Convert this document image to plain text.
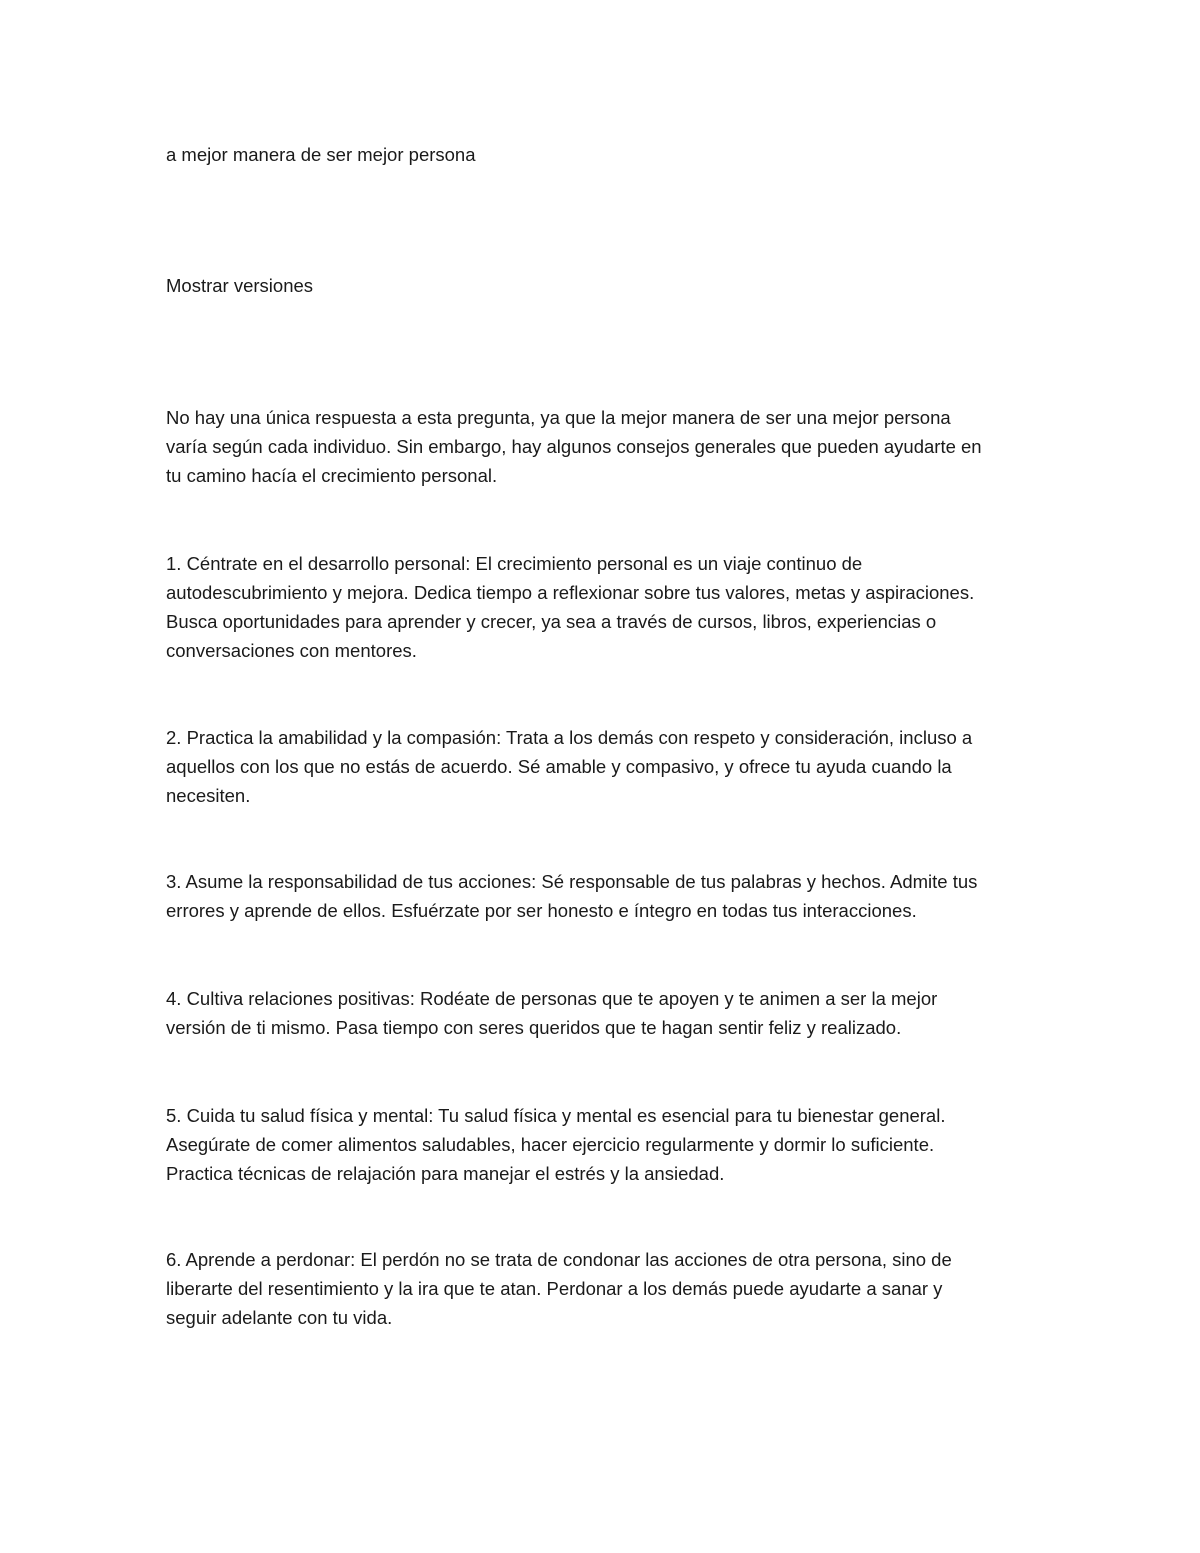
a mejor manera de ser mejor persona
Mostrar versiones
No hay una única respuesta a esta pregunta, ya que la mejor manera de ser una mejor persona
varía según cada individuo. Sin embargo, hay algunos consejos generales que pueden ayudarte en
tu camino hacía el crecimiento personal.
1. Céntrate en el desarrollo personal: El crecimiento personal es un viaje continuo de
autodescubrimiento y mejora. Dedica tiempo a reflexionar sobre tus valores, metas y aspiraciones.
Busca oportunidades para aprender y crecer, ya sea a través de cursos, libros, experiencias o
conversaciones con mentores.
2. Practica la amabilidad y la compasión: Trata a los demás con respeto y consideración, incluso a
aquellos con los que no estás de acuerdo. Sé amable y compasivo, y ofrece tu ayuda cuando la
necesiten.
3. Asume la responsabilidad de tus acciones: Sé responsable de tus palabras y hechos. Admite tus
errores y aprende de ellos. Esfuérzate por ser honesto e íntegro en todas tus interacciones.
4. Cultiva relaciones positivas: Rodéate de personas que te apoyen y te animen a ser la mejor
versión de ti mismo. Pasa tiempo con seres queridos que te hagan sentir feliz y realizado.
5. Cuida tu salud física y mental: Tu salud física y mental es esencial para tu bienestar general.
Asegúrate de comer alimentos saludables, hacer ejercicio regularmente y dormir lo suficiente.
Practica técnicas de relajación para manejar el estrés y la ansiedad.
6. Aprende a perdonar: El perdón no se trata de condonar las acciones de otra persona, sino de
liberarte del resentimiento y la ira que te atan. Perdonar a los demás puede ayudarte a sanar y
seguir adelante con tu vida.
